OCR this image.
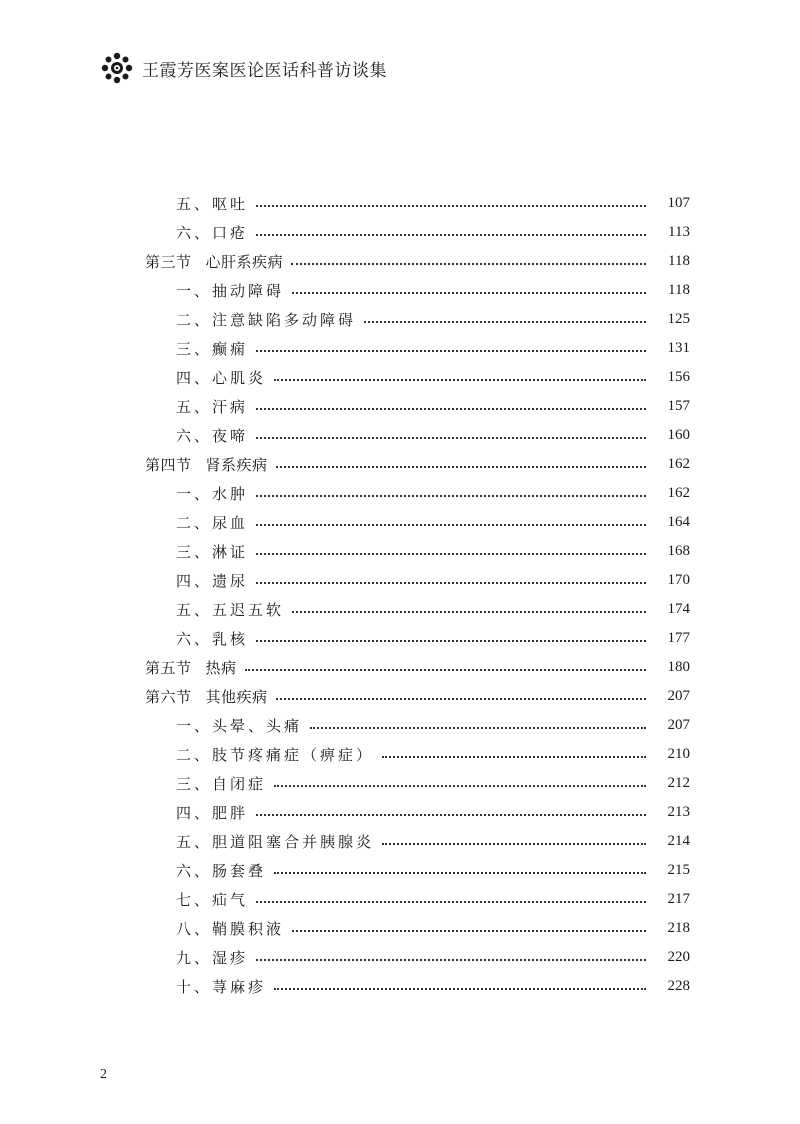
王霞芳医案医论医话科普访谈集
五、呕吐	107
六、口疮	113
第三节 心肝系疾病	118
一、抽动障碍	118
二、注意缺陷多动障碍	125
三、癫痫	131
四、心肌炎	156
五、汗病	157
六、夜啼	160
第四节 肾系疾病	162
一、水肿	162
二、尿血	164
三、淋证	168
四、遗尿	170
五、五迟五软	174
六、乳核	177
第五节 热病	180
第六节 其他疾病	207
一、头晕、头痛	207
二、肢节疼痛症（痹症）	210
三、自闭症	212
四、肥胖	213
五、胆道阻塞合并胰腺炎	214
六、肠套叠	215
七、疝气	217
八、鞘膜积液	218
九、湿疹	220
十、荨麻疹	228
2
